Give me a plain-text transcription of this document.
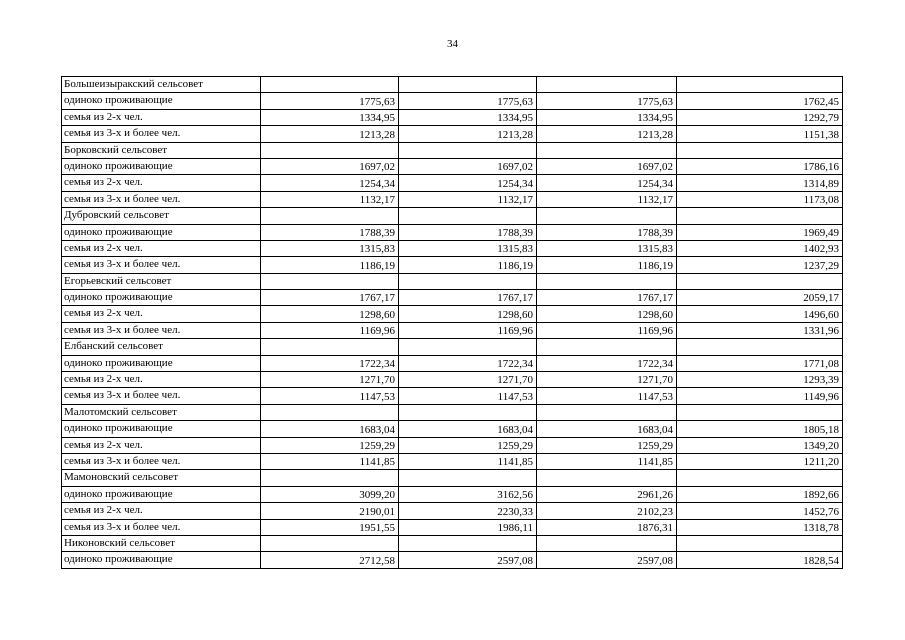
34
Большеизыракский сельсовет				
одиноко проживающие	1775,63	1775,63	1775,63	1762,45
семья из 2-х чел.	1334,95	1334,95	1334,95	1292,79
семья из 3-х и более чел.	1213,28	1213,28	1213,28	1151,38
Борковский сельсовет				
одиноко проживающие	1697,02	1697,02	1697,02	1786,16
семья из 2-х чел.	1254,34	1254,34	1254,34	1314,89
семья из 3-х и более чел.	1132,17	1132,17	1132,17	1173,08
Дубровский сельсовет				
одиноко проживающие	1788,39	1788,39	1788,39	1969,49
семья из 2-х чел.	1315,83	1315,83	1315,83	1402,93
семья из 3-х и более чел.	1186,19	1186,19	1186,19	1237,29
Егорьевский сельсовет				
одиноко проживающие	1767,17	1767,17	1767,17	2059,17
семья из 2-х чел.	1298,60	1298,60	1298,60	1496,60
семья из 3-х и более чел.	1169,96	1169,96	1169,96	1331,96
Елбанский сельсовет				
одиноко проживающие	1722,34	1722,34	1722,34	1771,08
семья из 2-х чел.	1271,70	1271,70	1271,70	1293,39
семья из 3-х и более чел.	1147,53	1147,53	1147,53	1149,96
Малотомский сельсовет				
одиноко проживающие	1683,04	1683,04	1683,04	1805,18
семья из 2-х чел.	1259,29	1259,29	1259,29	1349,20
семья из 3-х и более чел.	1141,85	1141,85	1141,85	1211,20
Мамоновский сельсовет				
одиноко проживающие	3099,20	3162,56	2961,26	1892,66
семья из 2-х чел.	2190,01	2230,33	2102,23	1452,76
семья из 3-х и более чел.	1951,55	1986,11	1876,31	1318,78
Никоновский сельсовет				
одиноко проживающие	2712,58	2597,08	2597,08	1828,54
